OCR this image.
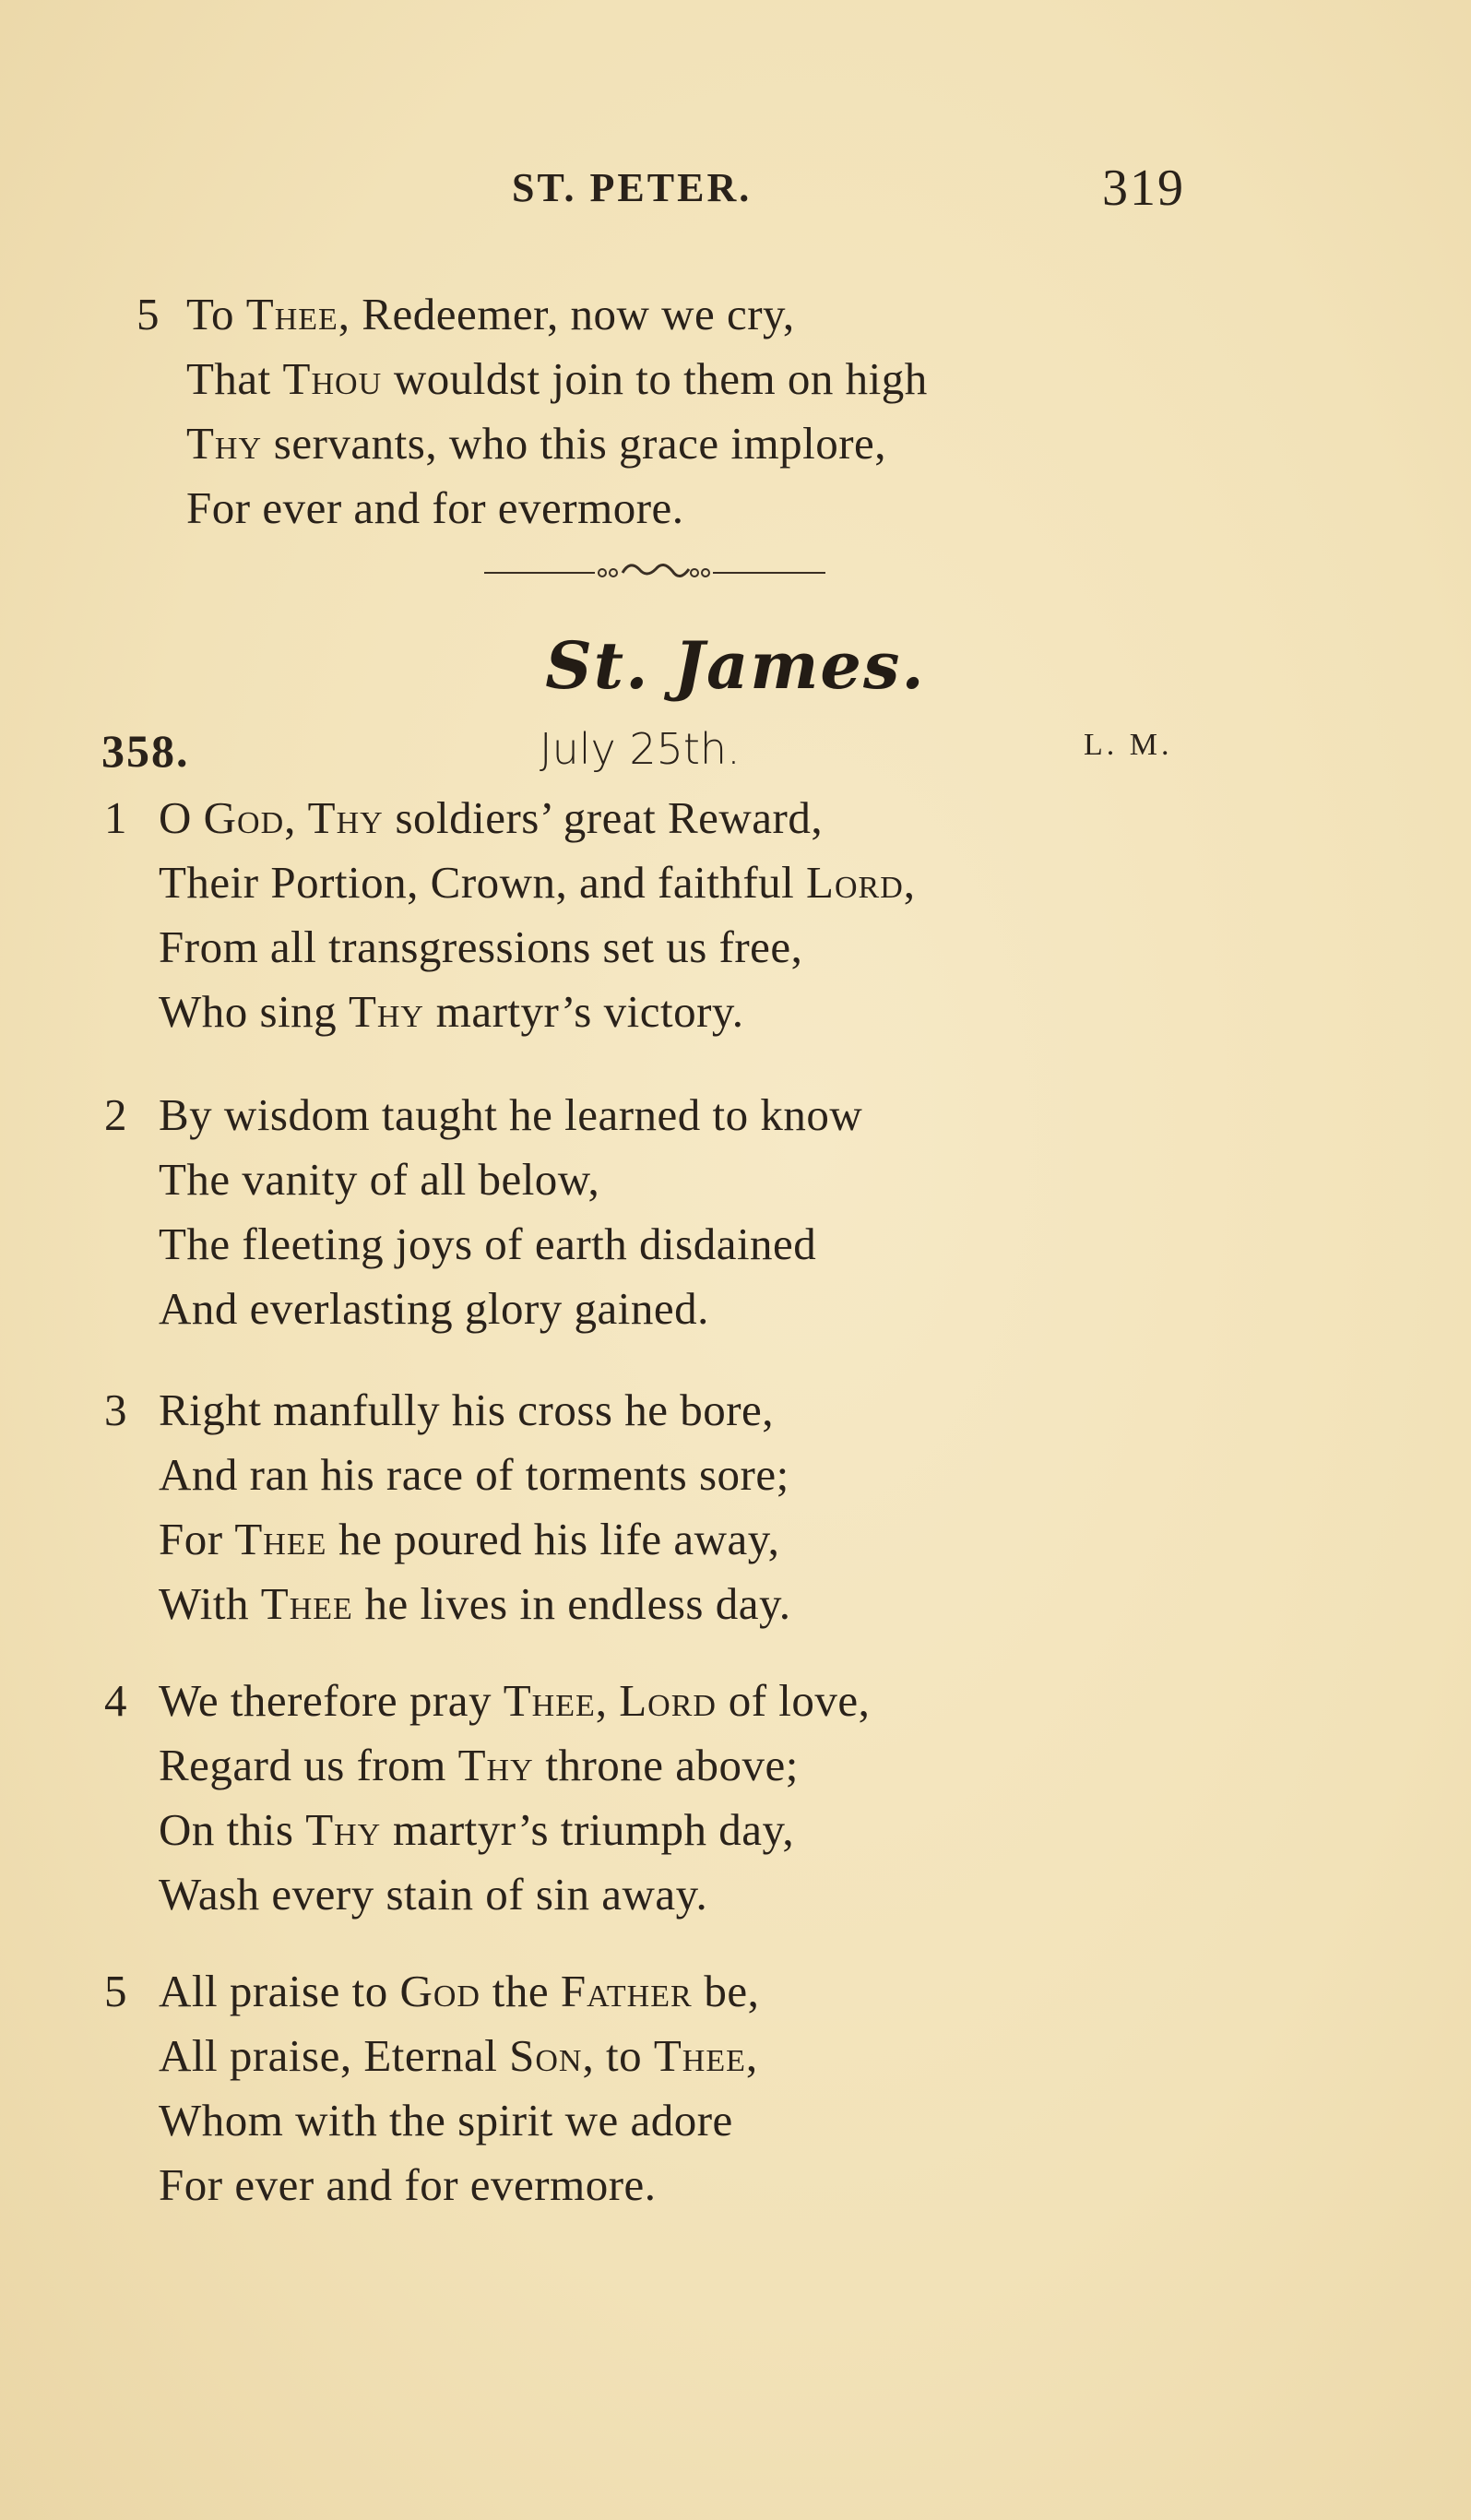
ST. PETER.	319
5 To Thee, Redeemer, now we cry,
That Thou wouldst join to them on high
Thy servants, who this grace implore,
For ever and for evermore.
St. James.
358.	July 25th.	L. M.
1 O God, Thy soldiers’ great Reward,
Their Portion, Crown, and faithful Lord,
From all transgressions set us free,
Who sing Thy martyr’s victory.
2 By wisdom taught he learned to know
The vanity of all below,
The fleeting joys of earth disdained
And everlasting glory gained.
3 Right manfully his cross he bore,
And ran his race of torments sore;
For Thee he poured his life away,
With Thee he lives in endless day.
4 We therefore pray Thee, Lord of love,
Regard us from Thy throne above;
On this Thy martyr’s triumph day,
Wash every stain of sin away.
5 All praise to God the Father be,
All praise, Eternal Son, to Thee,
Whom with the spirit we adore
For ever and for evermore.
